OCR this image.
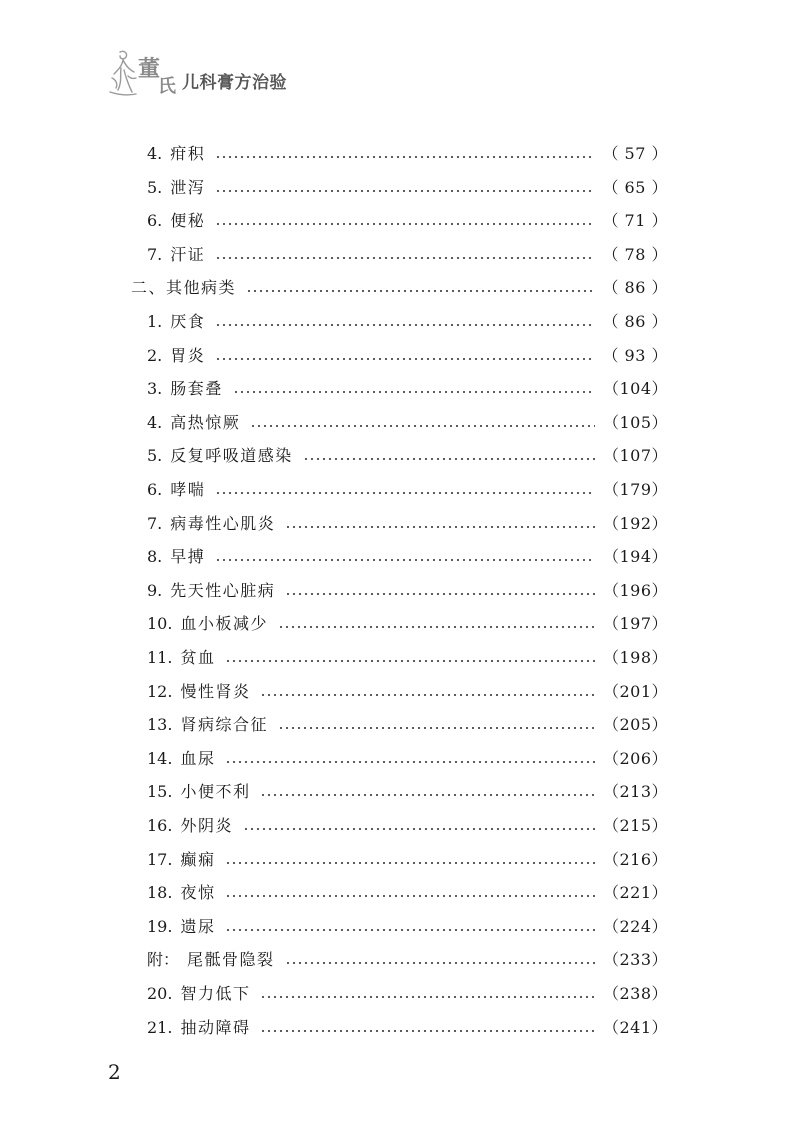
董
氏 儿科膏方治验
4. 疳积	（ 57 ）
5. 泄泻	（ 65 ）
6. 便秘	（ 71 ）
7. 汗证	（ 78 ）
二、其他病类	（ 86 ）
1. 厌食	（ 86 ）
2. 胃炎	（ 93 ）
3. 肠套叠	（104）
4. 高热惊厥	（105）
5. 反复呼吸道感染	（107）
6. 哮喘	（179）
7. 病毒性心肌炎	（192）
8. 早搏	（194）
9. 先天性心脏病	（196）
10. 血小板减少	（197）
11. 贫血	（198）
12. 慢性肾炎	（201）
13. 肾病综合征	（205）
14. 血尿	（206）
15. 小便不利	（213）
16. 外阴炎	（215）
17. 癫痫	（216）
18. 夜惊	（221）
19. 遗尿	（224）
附： 尾骶骨隐裂	（233）
20. 智力低下	（238）
21. 抽动障碍	（241）
2
